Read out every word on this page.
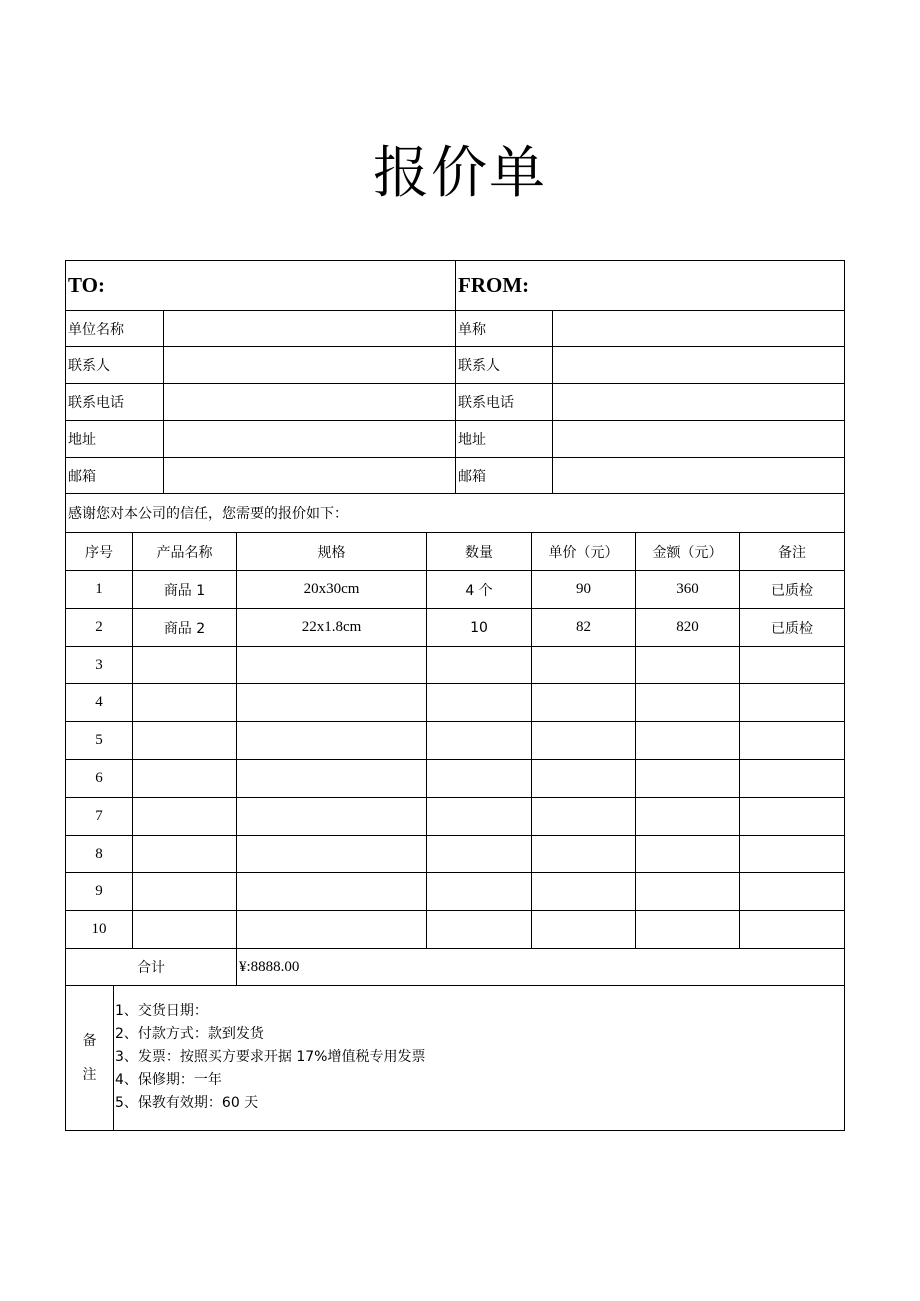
报价单
TO:	FROM:
单位名称	单称
联系人	联系人
联系电话	联系电话
地址	地址
邮箱	邮箱
感谢您对本公司的信任，您需要的报价如下：
序号	产品名称	规格	数量	单价（元）	金额（元）	备注
1	商品 1	20x30cm	4 个	90	360	已质检
2	商品 2	22x1.8cm	10	82	820	已质检
3
4
5
6
7
8
9
10
合计	¥:8888.00
备
注
1、交货日期：
2、付款方式：款到发货
3、发票：按照买方要求开据 17%增值税专用发票
4、保修期：一年
5、保教有效期：60 天
